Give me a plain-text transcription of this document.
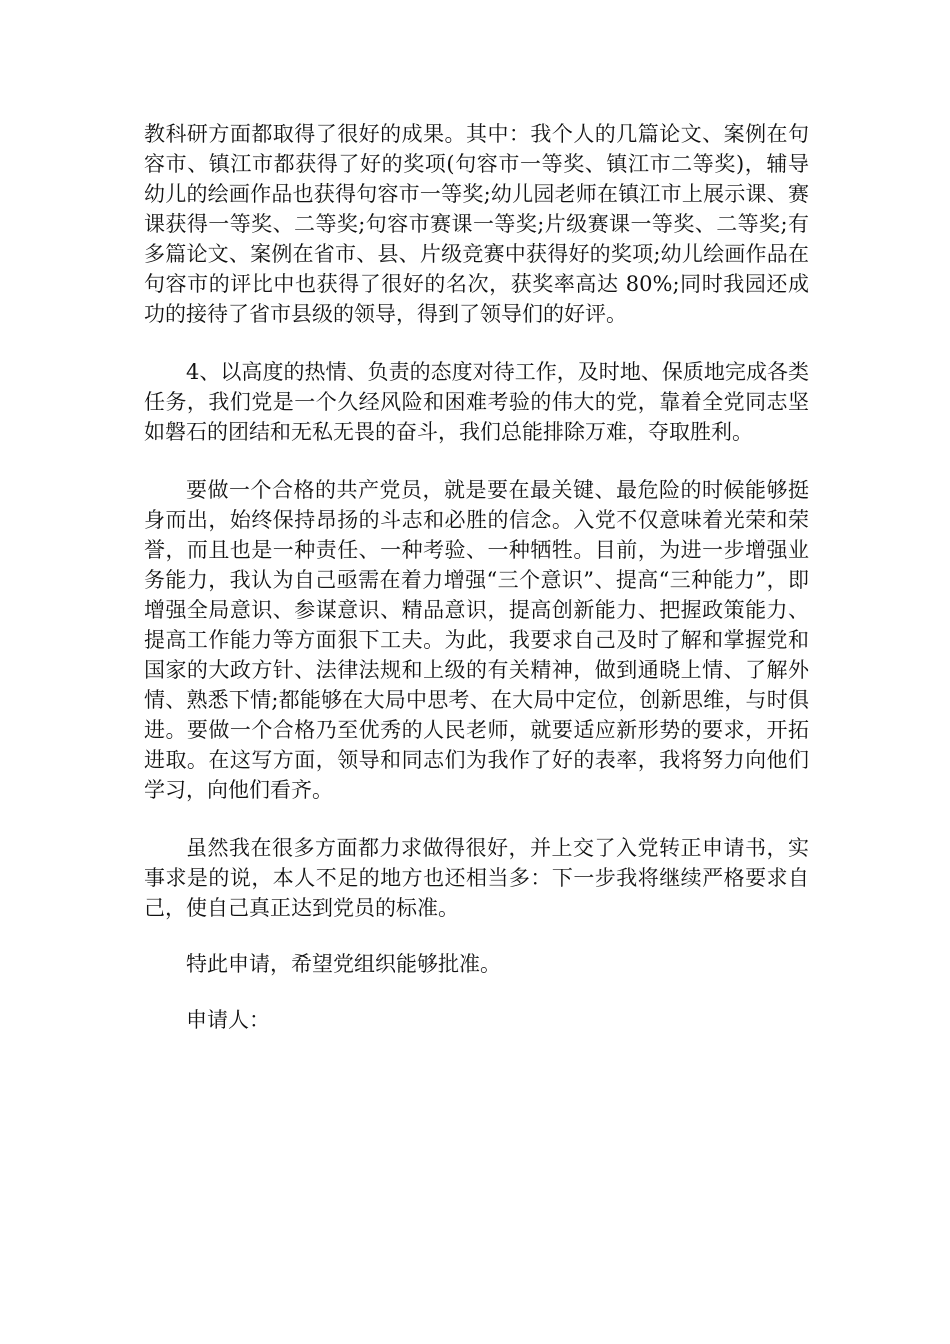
教科研方面都取得了很好的成果。其中：我个人的几篇论文、案例在句容市、镇江市都获得了好的奖项(句容市一等奖、镇江市二等奖)，辅导幼儿的绘画作品也获得句容市一等奖;幼儿园老师在镇江市上展示课、赛课获得一等奖、二等奖;句容市赛课一等奖;片级赛课一等奖、二等奖;有多篇论文、案例在省市、县、片级竞赛中获得好的奖项;幼儿绘画作品在句容市的评比中也获得了很好的名次，获奖率高达 80%;同时我园还成功的接待了省市县级的领导，得到了领导们的好评。

4、以高度的热情、负责的态度对待工作，及时地、保质地完成各类任务，我们党是一个久经风险和困难考验的伟大的党，靠着全党同志坚如磐石的团结和无私无畏的奋斗，我们总能排除万难，夺取胜利。

要做一个合格的共产党员，就是要在最关键、最危险的时候能够挺身而出，始终保持昂扬的斗志和必胜的信念。入党不仅意味着光荣和荣誉，而且也是一种责任、一种考验、一种牺牲。目前，为进一步增强业务能力，我认为自己亟需在着力增强“三个意识”、提高“三种能力”，即增强全局意识、参谋意识、精品意识，提高创新能力、把握政策能力、提高工作能力等方面狠下工夫。为此，我要求自己及时了解和掌握党和国家的大政方针、法律法规和上级的有关精神，做到通晓上情、了解外情、熟悉下情;都能够在大局中思考、在大局中定位，创新思维，与时俱进。要做一个合格乃至优秀的人民老师，就要适应新形势的要求，开拓进取。在这写方面，领导和同志们为我作了好的表率，我将努力向他们学习，向他们看齐。

虽然我在很多方面都力求做得很好，并上交了入党转正申请书，实事求是的说，本人不足的地方也还相当多：下一步我将继续严格要求自己，使自己真正达到党员的标准。

特此申请，希望党组织能够批准。

申请人：
